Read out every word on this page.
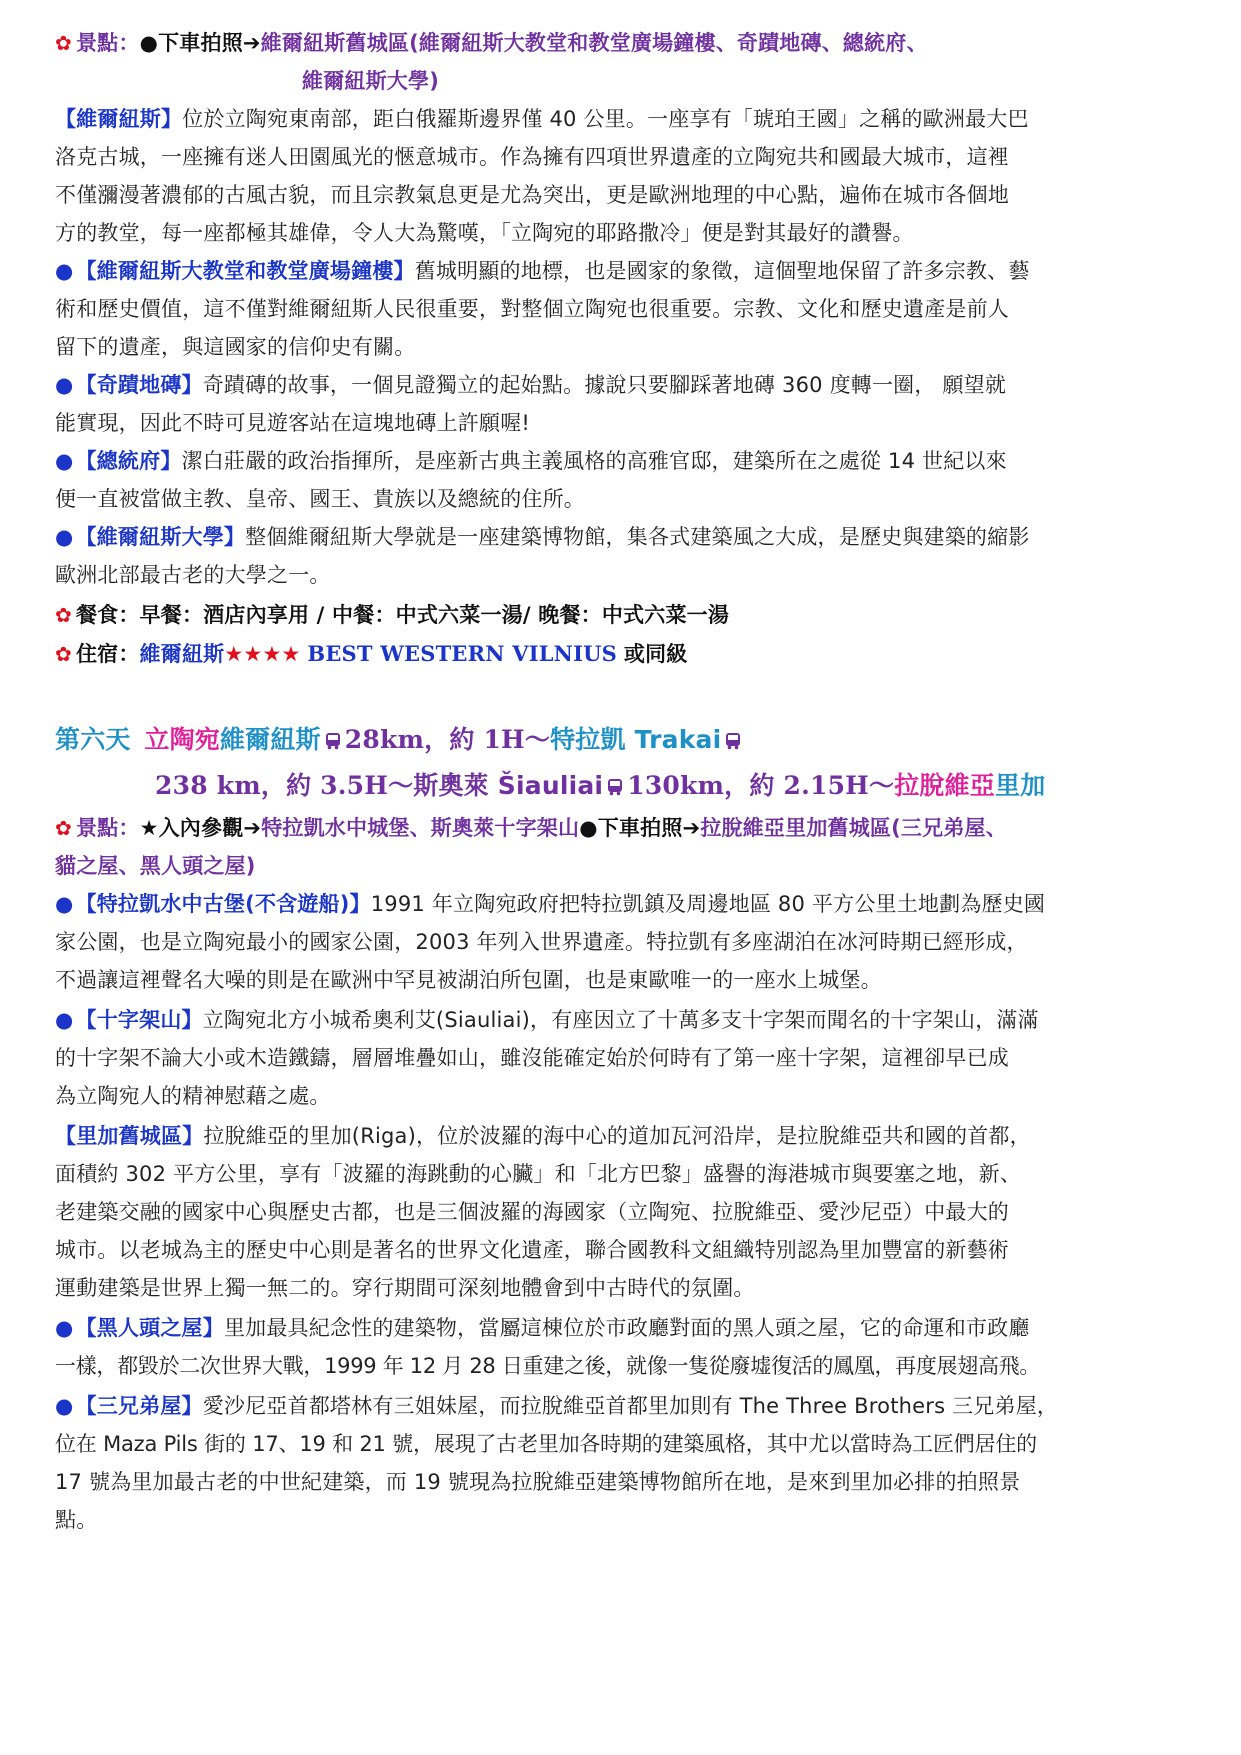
✿ 景點：●下車拍照➔維爾紐斯舊城區(維爾紐斯大教堂和教堂廣場鐘樓、奇蹟地磚、總統府、
維爾紐斯大學)
【維爾紐斯】位於立陶宛東南部，距白俄羅斯邊界僅 40 公里。一座享有「琥珀王國」之稱的歐洲最大巴
洛克古城，一座擁有迷人田園風光的愜意城市。作為擁有四項世界遺產的立陶宛共和國最大城市，這裡
不僅瀰漫著濃郁的古風古貌，而且宗教氣息更是尤為突出，更是歐洲地理的中心點，遍佈在城市各個地
方的教堂，每一座都極其雄偉，令人大為驚嘆，「立陶宛的耶路撒冷」便是對其最好的讚譽。
●【維爾紐斯大教堂和教堂廣場鐘樓】舊城明顯的地標，也是國家的象徵，這個聖地保留了許多宗教、藝
術和歷史價值，這不僅對維爾紐斯人民很重要，對整個立陶宛也很重要。宗教、文化和歷史遺產是前人
留下的遺產，與這國家的信仰史有關。
●【奇蹟地磚】奇蹟磚的故事，一個見證獨立的起始點。據說只要腳踩著地磚 360 度轉一圈， 願望就
能實現，因此不時可見遊客站在這塊地磚上許願喔!
●【總統府】潔白莊嚴的政治指揮所，是座新古典主義風格的高雅官邸，建築所在之處從 14 世紀以來
便一直被當做主教、皇帝、國王、貴族以及總統的住所。
●【維爾紐斯大學】整個維爾紐斯大學就是一座建築博物館，集各式建築風之大成，是歷史與建築的縮影
歐洲北部最古老的大學之一。
✿ 餐食：早餐：酒店內享用 / 中餐：中式六菜一湯/ 晚餐：中式六菜一湯
✿ 住宿：維爾紐斯★★★★ BEST WESTERN VILNIUS 或同級
第六天 立陶宛維爾紐斯 28km，約 1H～特拉凱 Trakai
238 km，約 3.5H～斯奧萊 Šiauliai 130km，約 2.15H～拉脫維亞里加
✿ 景點：★入內參觀➔特拉凱水中城堡、斯奧萊十字架山●下車拍照➔拉脫維亞里加舊城區(三兄弟屋、
貓之屋、黑人頭之屋)
●【特拉凱水中古堡(不含遊船)】1991 年立陶宛政府把特拉凱鎮及周邊地區 80 平方公里土地劃為歷史國
家公園，也是立陶宛最小的國家公園，2003 年列入世界遺產。特拉凱有多座湖泊在冰河時期已經形成，
不過讓這裡聲名大噪的則是在歐洲中罕見被湖泊所包圍，也是東歐唯一的一座水上城堡。
●【十字架山】立陶宛北方小城希奧利艾(Siauliai)，有座因立了十萬多支十字架而聞名的十字架山，滿滿
的十字架不論大小或木造鐵鑄，層層堆疊如山，雖沒能確定始於何時有了第一座十字架，這裡卻早已成
為立陶宛人的精神慰藉之處。
【里加舊城區】拉脫維亞的里加(Riga)，位於波羅的海中心的道加瓦河沿岸，是拉脫維亞共和國的首都，
面積約 302 平方公里，享有「波羅的海跳動的心臟」和「北方巴黎」盛譽的海港城市與要塞之地，新、
老建築交融的國家中心與歷史古都，也是三個波羅的海國家（立陶宛、拉脫維亞、愛沙尼亞）中最大的
城市。以老城為主的歷史中心則是著名的世界文化遺產，聯合國教科文組織特別認為里加豐富的新藝術
運動建築是世界上獨一無二的。穿行期間可深刻地體會到中古時代的氛圍。
●【黑人頭之屋】里加最具紀念性的建築物，當屬這棟位於市政廳對面的黑人頭之屋，它的命運和市政廳
一樣，都毀於二次世界大戰，1999 年 12 月 28 日重建之後，就像一隻從廢墟復活的鳳凰，再度展翅高飛。
●【三兄弟屋】愛沙尼亞首都塔林有三姐妹屋，而拉脫維亞首都里加則有 The Three Brothers 三兄弟屋，
位在 Maza Pils 街的 17、19 和 21 號，展現了古老里加各時期的建築風格，其中尤以當時為工匠們居住的
17 號為里加最古老的中世紀建築，而 19 號現為拉脫維亞建築博物館所在地，是來到里加必排的拍照景
點。
